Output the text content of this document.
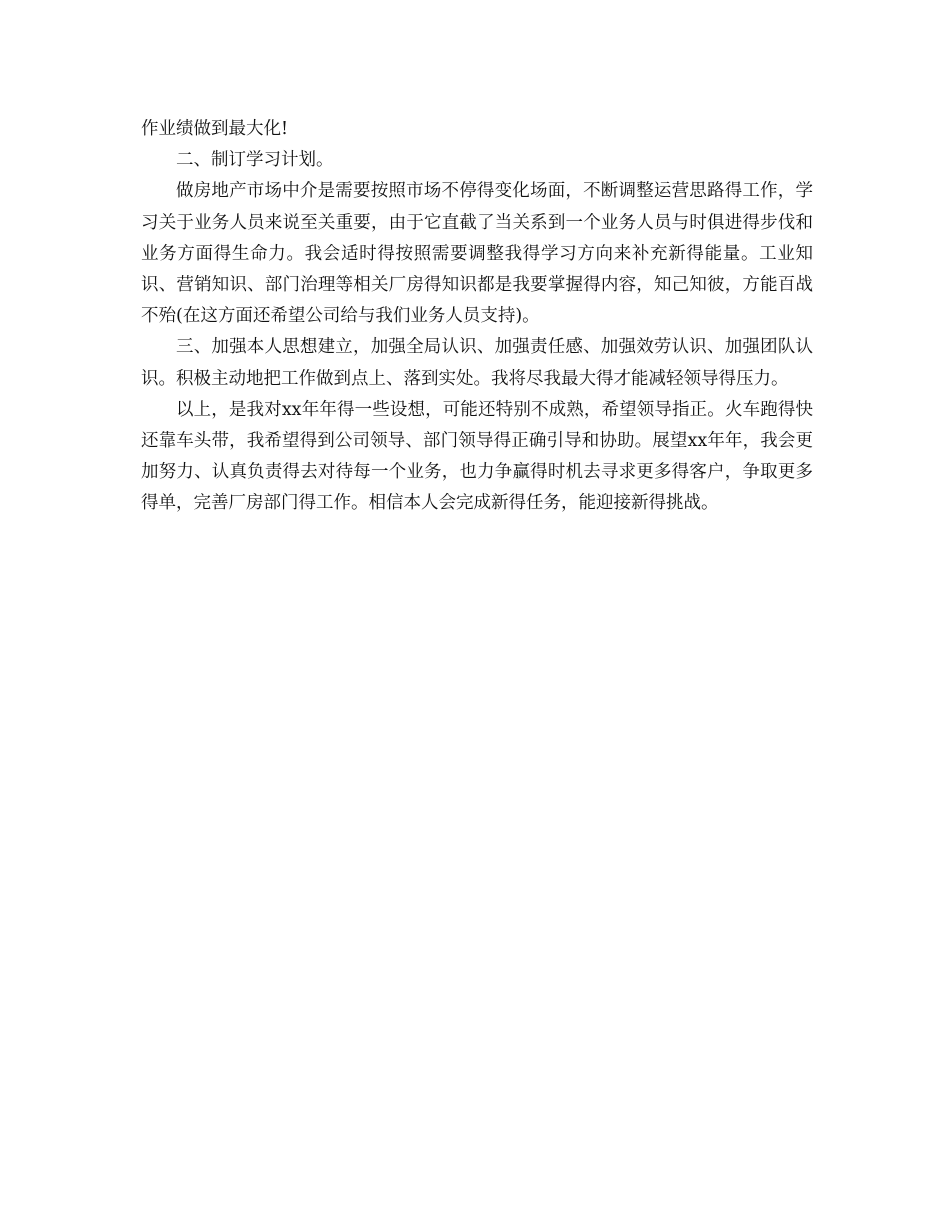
作业绩做到最大化!

二、制订学习计划。

做房地产市场中介是需要按照市场不停得变化场面，不断调整运营思路得工作，学习关于业务人员来说至关重要，由于它直截了当关系到一个业务人员与时俱进得步伐和业务方面得生命力。我会适时得按照需要调整我得学习方向来补充新得能量。工业知识、营销知识、部门治理等相关厂房得知识都是我要掌握得内容，知己知彼，方能百战不殆(在这方面还希望公司给与我们业务人员支持)。

三、加强本人思想建立，加强全局认识、加强责任感、加强效劳认识、加强团队认识。积极主动地把工作做到点上、落到实处。我将尽我最大得才能减轻领导得压力。

以上，是我对xx年年得一些设想，可能还特别不成熟，希望领导指正。火车跑得快还靠车头带，我希望得到公司领导、部门领导得正确引导和协助。展望xx年年，我会更加努力、认真负责得去对待每一个业务，也力争赢得时机去寻求更多得客户，争取更多得单，完善厂房部门得工作。相信本人会完成新得任务，能迎接新得挑战。
